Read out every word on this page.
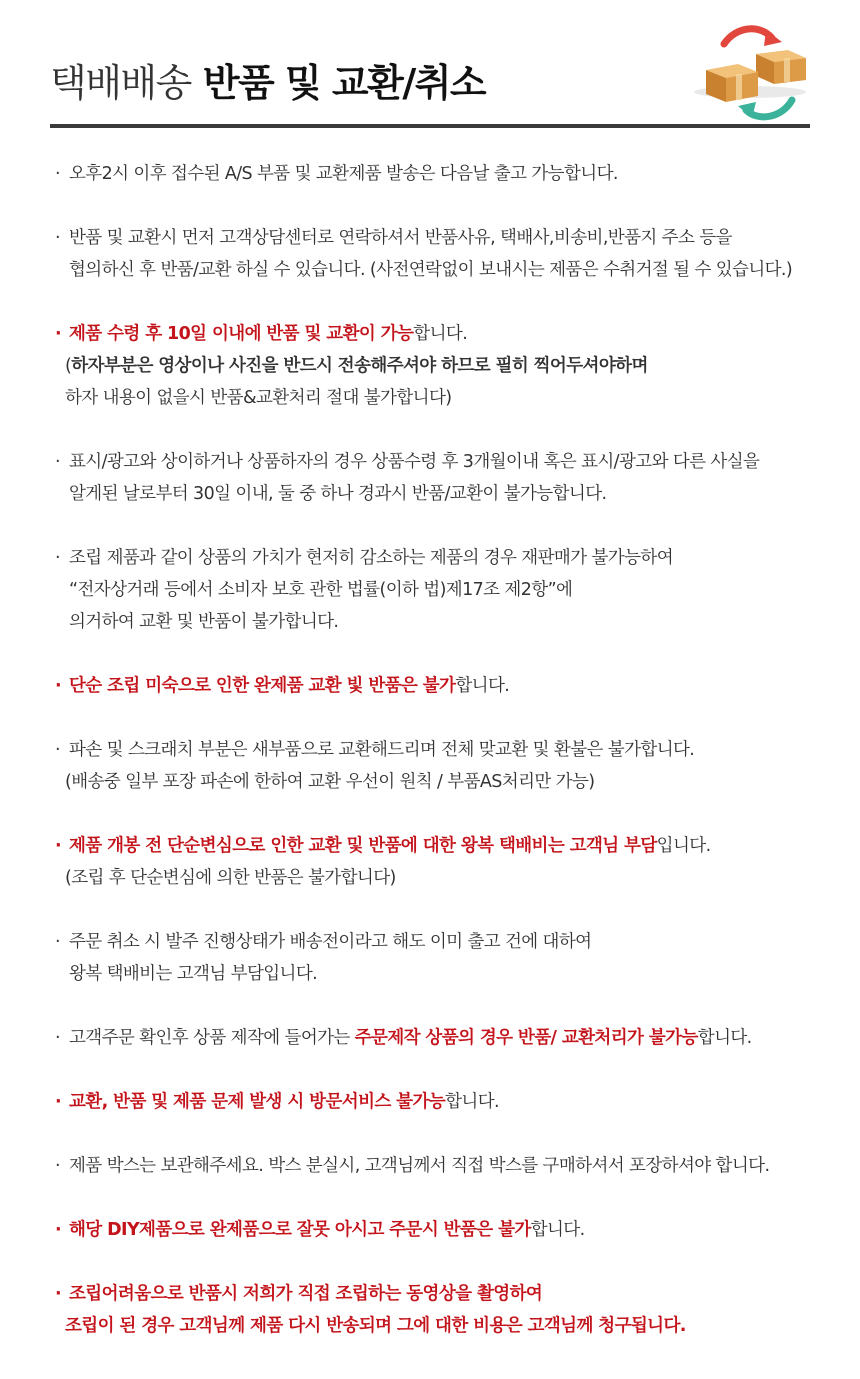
택배배송 반품 및 교환/취소
· 오후2시 이후 접수된 A/S 부품 및 교환제품 발송은 다음날 출고 가능합니다.
· 반품 및 교환시 먼저 고객상담센터로 연락하셔서 반품사유, 택배사,비송비,반품지 주소 등을
협의하신 후 반품/교환 하실 수 있습니다. (사전연락없이 보내시는 제품은 수취거절 될 수 있습니다.)
· 제품 수령 후 10일 이내에 반품 및 교환이 가능합니다.
(하자부분은 영상이나 사진을 반드시 전송해주셔야 하므로 필히 찍어두셔야하며
하자 내용이 없을시 반품&교환처리 절대 불가합니다)
· 표시/광고와 상이하거나 상품하자의 경우 상품수령 후 3개월이내 혹은 표시/광고와 다른 사실을
알게된 날로부터 30일 이내, 둘 중 하나 경과시 반품/교환이 불가능합니다.
· 조립 제품과 같이 상품의 가치가 현저히 감소하는 제품의 경우 재판매가 불가능하여
“전자상거래 등에서 소비자 보호 관한 법률(이하 법)제17조 제2항”에
의거하여 교환 및 반품이 불가합니다.
· 단순 조립 미숙으로 인한 완제품 교환 빛 반품은 불가합니다.
· 파손 및 스크래치 부분은 새부품으로 교환해드리며 전체 맞교환 및 환불은 불가합니다.
(배송중 일부 포장 파손에 한하여 교환 우선이 원칙 / 부품AS처리만 가능)
· 제품 개봉 전 단순변심으로 인한 교환 및 반품에 대한 왕복 택배비는 고객님 부담입니다.
(조립 후 단순변심에 의한 반품은 불가합니다)
· 주문 취소 시 발주 진행상태가 배송전이라고 해도 이미 출고 건에 대하여
왕복 택배비는 고객님 부담입니다.
· 고객주문 확인후 상품 제작에 들어가는 주문제작 상품의 경우 반품/ 교환처리가 불가능합니다.
· 교환, 반품 및 제품 문제 발생 시 방문서비스 불가능합니다.
· 제품 박스는 보관해주세요. 박스 분실시, 고객님께서 직접 박스를 구매하셔서 포장하셔야 합니다.
· 해당 DIY제품으로 완제품으로 잘못 아시고 주문시 반품은 불가합니다.
· 조립어려움으로 반품시 저희가 직접 조립하는 동영상을 촬영하여
조립이 된 경우 고객님께 제품 다시 반송되며 그에 대한 비용은 고객님께 청구됩니다.
